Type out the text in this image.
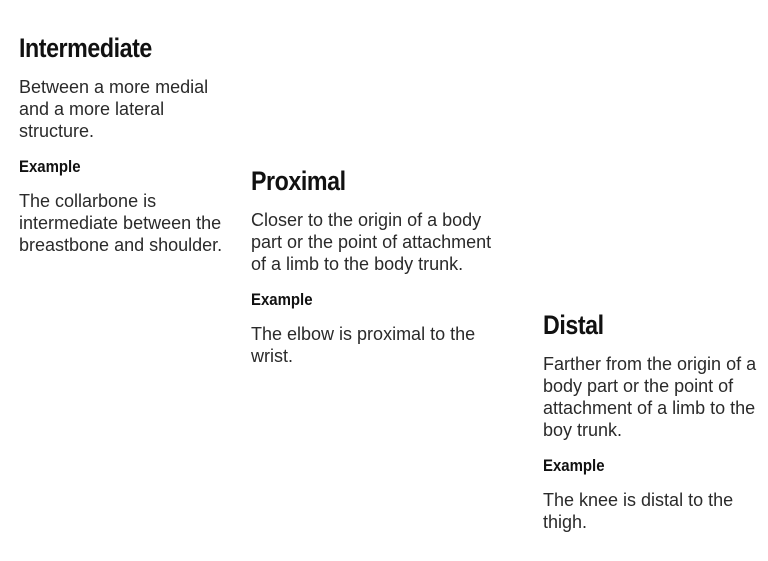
Intermediate

Between a more medial and a more lateral structure.

Example

The collarbone is intermediate between the breastbone and shoulder.

Proximal

Closer to the origin of a body part or the point of attachment of a limb to the body trunk.

Example

The elbow is proximal to the wrist.

Distal

Farther from the origin of a body part or the point of attachment of a limb to the boy trunk.

Example

The knee is distal to the thigh.
